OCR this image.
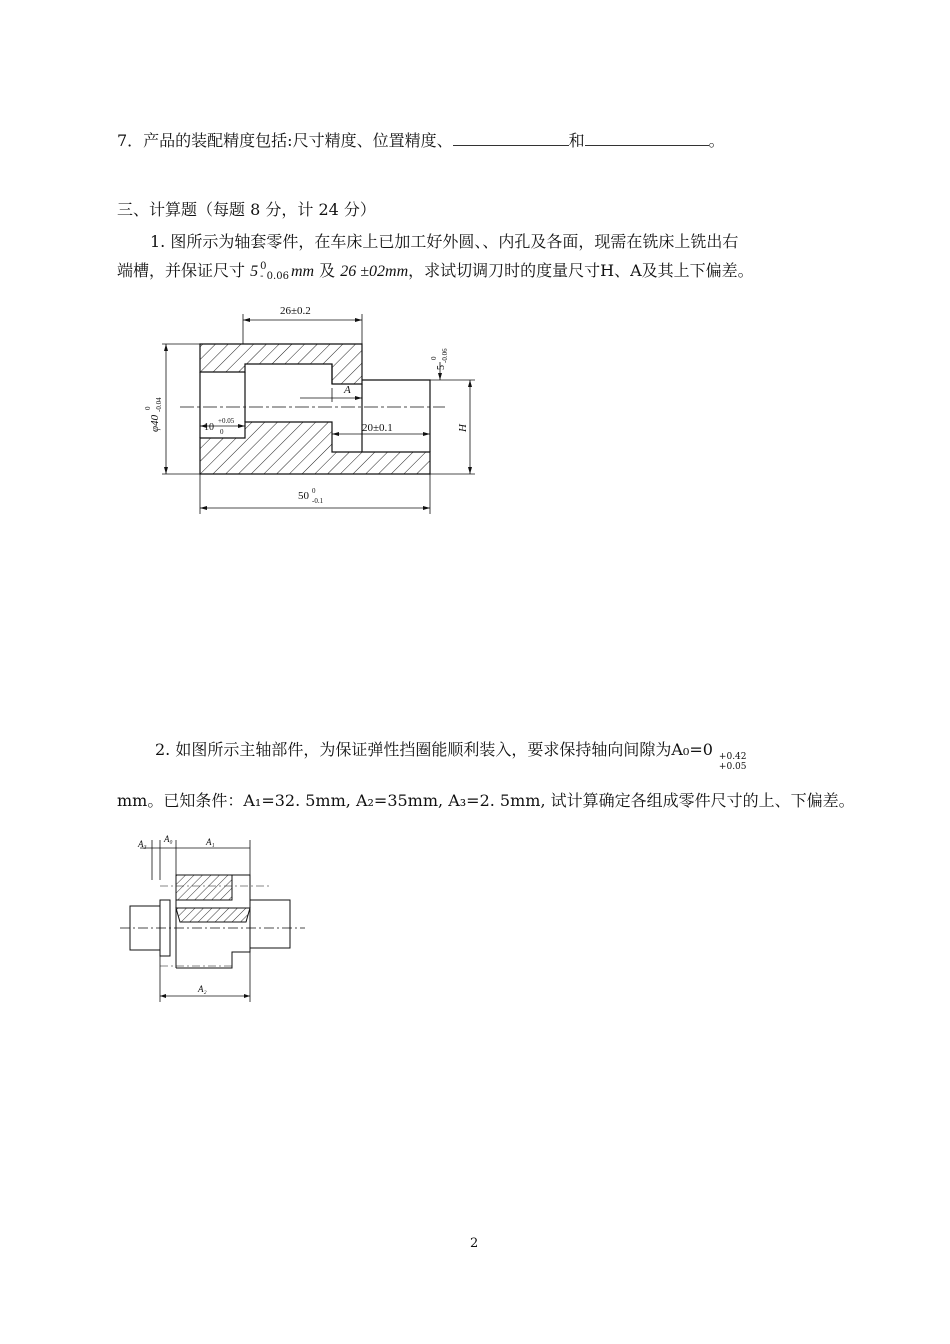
7．产品的装配精度包括:尺寸精度、位置精度、	和	。
三、计算题（每题 8 分，计 24 分）
1. 图所示为轴套零件，在车床上已加工好外圆、、内孔及各面，现需在铣床上铣出右
端槽，并保证尺寸 5 0
- 0.06 mm 及 26 ±02mm，求试切调刀时的度量尺寸H、A及其上下偏差。
26±0.2
φ40
0 -0.04
10
+0.05
0	20±0.1
A
5
0 -0.06
H
50 0
-0.1
2. 如图所示主轴部件，为保证弹性挡圈能顺利装入，要求保持轴向间隙为A₀=0 +0.42
+0.05
mm。已知条件：A₁=32. 5mm, A₂=35mm, A₃=2. 5mm, 试计算确定各组成零件尺寸的上、下偏差。
A₃ A₀	A₁
A₂
2
